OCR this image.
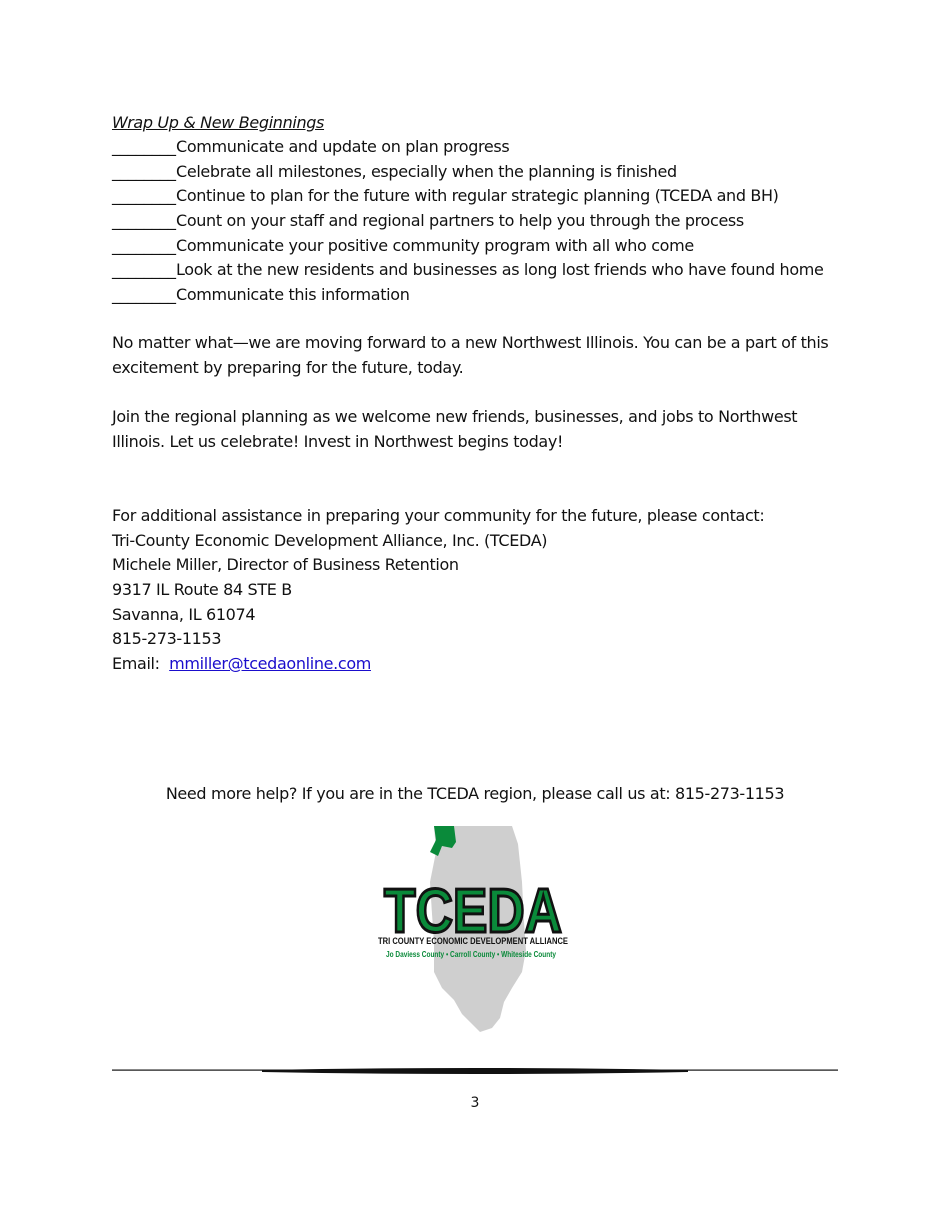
Wrap Up & New Beginnings
________Communicate and update on plan progress
________Celebrate all milestones, especially when the planning is finished
________Continue to plan for the future with regular strategic planning (TCEDA and BH)
________Count on your staff and regional partners to help you through the process
________Communicate your positive community program with all who come
________Look at the new residents and businesses as long lost friends who have found home
________Communicate this information
No matter what—we are moving forward to a new Northwest Illinois. You can be a part of this
excitement by preparing for the future, today.
Join the regional planning as we welcome new friends, businesses, and jobs to Northwest
Illinois. Let us celebrate! Invest in Northwest begins today!
For additional assistance in preparing your community for the future, please contact:
Tri-County Economic Development Alliance, Inc. (TCEDA)
Michele Miller, Director of Business Retention
9317 IL Route 84 STE B
Savanna, IL 61074
815-273-1153
Email: mmiller@tcedaonline.com
Need more help? If you are in the TCEDA region, please call us at: 815-273-1153
TCEDA
TRI COUNTY ECONOMIC DEVELOPMENT ALLIANCE
Jo Daviess County • Carroll County • Whiteside County
3
